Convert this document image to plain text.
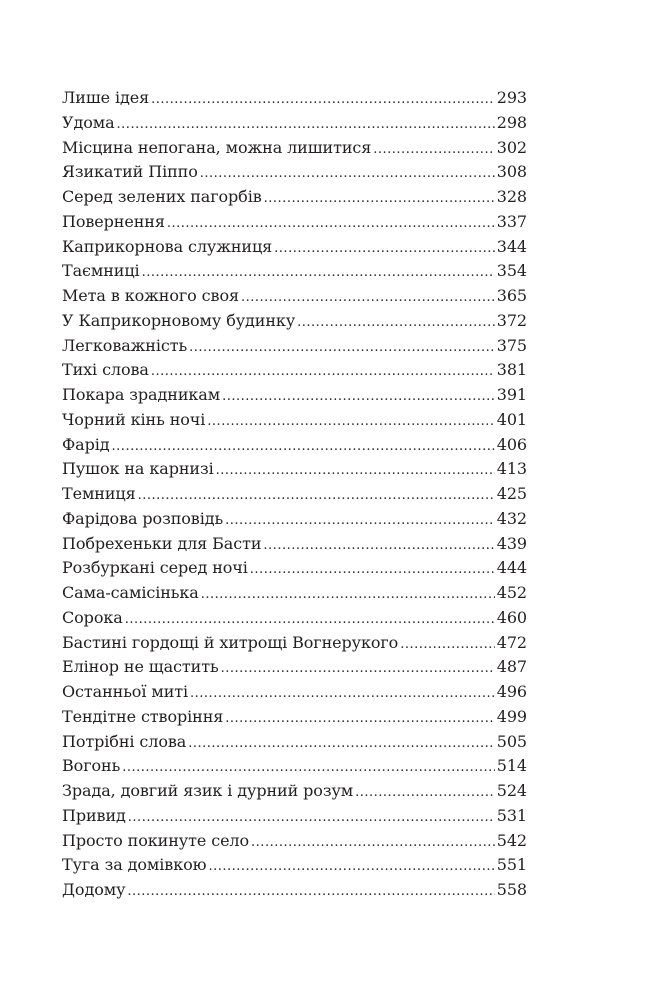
Лише ідея .....	293
Удома .....	298
Місцина непогана, можна лишитися .....	302
Язикатий Піппо .....	308
Серед зелених пагорбів .....	328
Повернення .....	337
Каприкорнова служниця .....	344
Таємниці .....	354
Мета в кожного своя .....	365
У Каприкорновому будинку .....	372
Легковажність .....	375
Тихі слова .....	381
Покара зрадникам .....	391
Чорний кінь ночі .....	401
Фарід .....	406
Пушок на карнизі .....	413
Темниця .....	425
Фарідова розповідь .....	432
Побрехеньки для Басти .....	439
Розбуркані серед ночі .....	444
Сама-самісінька .....	452
Сорока .....	460
Бастині гордощі й хитрощі Вогнерукого .....	472
Елінор не щастить .....	487
Останньої миті .....	496
Тендітне створіння .....	499
Потрібні слова .....	505
Вогонь .....	514
Зрада, довгий язик і дурний розум .....	524
Привид .....	531
Просто покинуте село .....	542
Туга за домівкою .....	551
Додому .....	558
